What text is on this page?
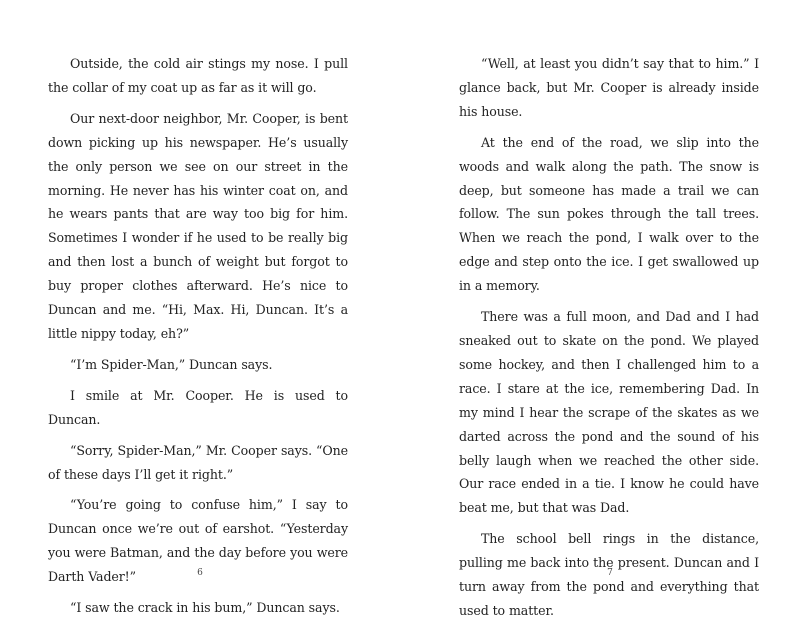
Outside, the cold air stings my nose. I pull the collar of my coat up as far as it will go.

Our next-door neighbor, Mr. Cooper, is bent down picking up his newspaper. He’s usually the only person we see on our street in the morning. He never has his winter coat on, and he wears pants that are way too big for him. Sometimes I wonder if he used to be really big and then lost a bunch of weight but forgot to buy proper clothes afterward. He’s nice to Duncan and me. “Hi, Max. Hi, Duncan. It’s a little nippy today, eh?”

“I’m Spider-Man,” Duncan says.

I smile at Mr. Cooper. He is used to Duncan.

“Sorry, Spider-Man,” Mr. Cooper says. “One of these days I’ll get it right.”

“You’re going to confuse him,” I say to Duncan once we’re out of earshot. “Yesterday you were Batman, and the day before you were Darth Vader!”

“I saw the crack in his bum,” Duncan says.

“Well, at least you didn’t say that to him.” I glance back, but Mr. Cooper is already inside his house.

At the end of the road, we slip into the woods and walk along the path. The snow is deep, but someone has made a trail we can follow. The sun pokes through the tall trees. When we reach the pond, I walk over to the edge and step onto the ice. I get swallowed up in a memory.

There was a full moon, and Dad and I had sneaked out to skate on the pond. We played some hockey, and then I challenged him to a race. I stare at the ice, remembering Dad. In my mind I hear the scrape of the skates as we darted across the pond and the sound of his belly laugh when we reached the other side. Our race ended in a tie. I know he could have beat me, but that was Dad.

The school bell rings in the distance, pulling me back into the present. Duncan and I turn away from the pond and everything that used to matter.

6	7
